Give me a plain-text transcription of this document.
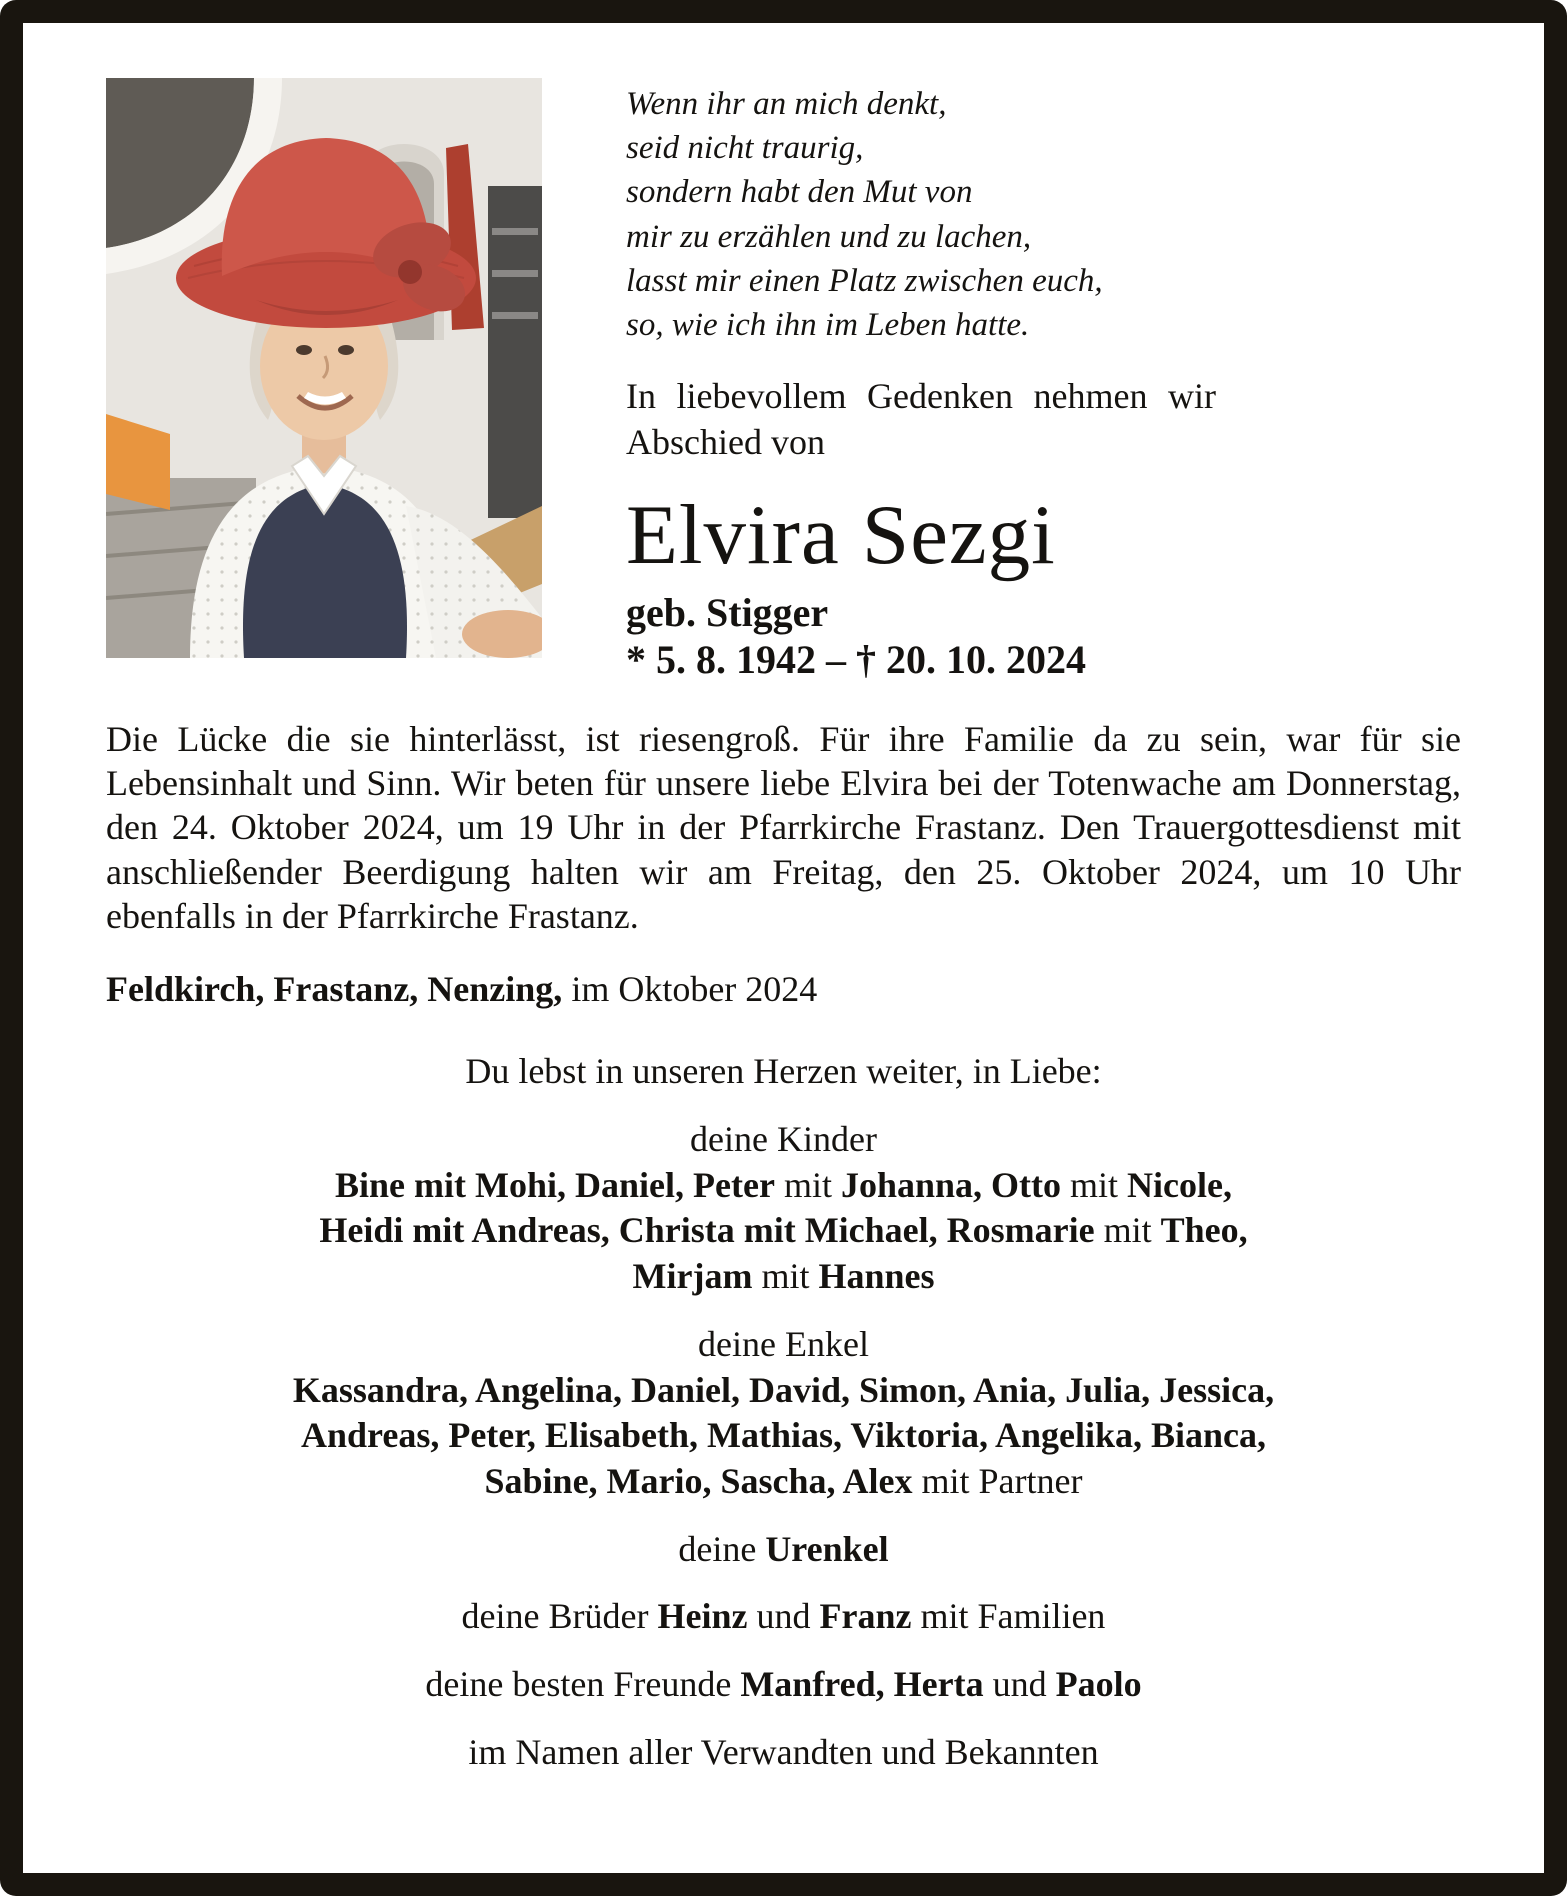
Wenn ihr an mich denkt,
seid nicht traurig,
sondern habt den Mut von
mir zu erzählen und zu lachen,
lasst mir einen Platz zwischen euch,
so, wie ich ihn im Leben hatte.

In liebevollem Gedenken nehmen wir Abschied von

Elvira Sezgi
geb. Stigger
* 5. 8. 1942 – † 20. 10. 2024

Die Lücke die sie hinterlässt, ist riesengroß. Für ihre Familie da zu sein, war für sie Lebensinhalt und Sinn. Wir beten für unsere liebe Elvira bei der Totenwache am Donnerstag, den 24. Oktober 2024, um 19 Uhr in der Pfarrkirche Frastanz. Den Trauergottesdienst mit anschließender Beerdigung halten wir am Freitag, den 25. Oktober 2024, um 10 Uhr ebenfalls in der Pfarrkirche Frastanz.

Feldkirch, Frastanz, Nenzing, im Oktober 2024

Du lebst in unseren Herzen weiter, in Liebe:

deine Kinder

Bine mit Mohi, Daniel, Peter mit Johanna, Otto mit Nicole,

Heidi mit Andreas, Christa mit Michael, Rosmarie mit Theo,

Mirjam mit Hannes

deine Enkel

Kassandra, Angelina, Daniel, David, Simon, Ania, Julia, Jessica,

Andreas, Peter, Elisabeth, Mathias, Viktoria, Angelika, Bianca,

Sabine, Mario, Sascha, Alex mit Partner

deine Urenkel

deine Brüder Heinz und Franz mit Familien

deine besten Freunde Manfred, Herta und Paolo

im Namen aller Verwandten und Bekannten
